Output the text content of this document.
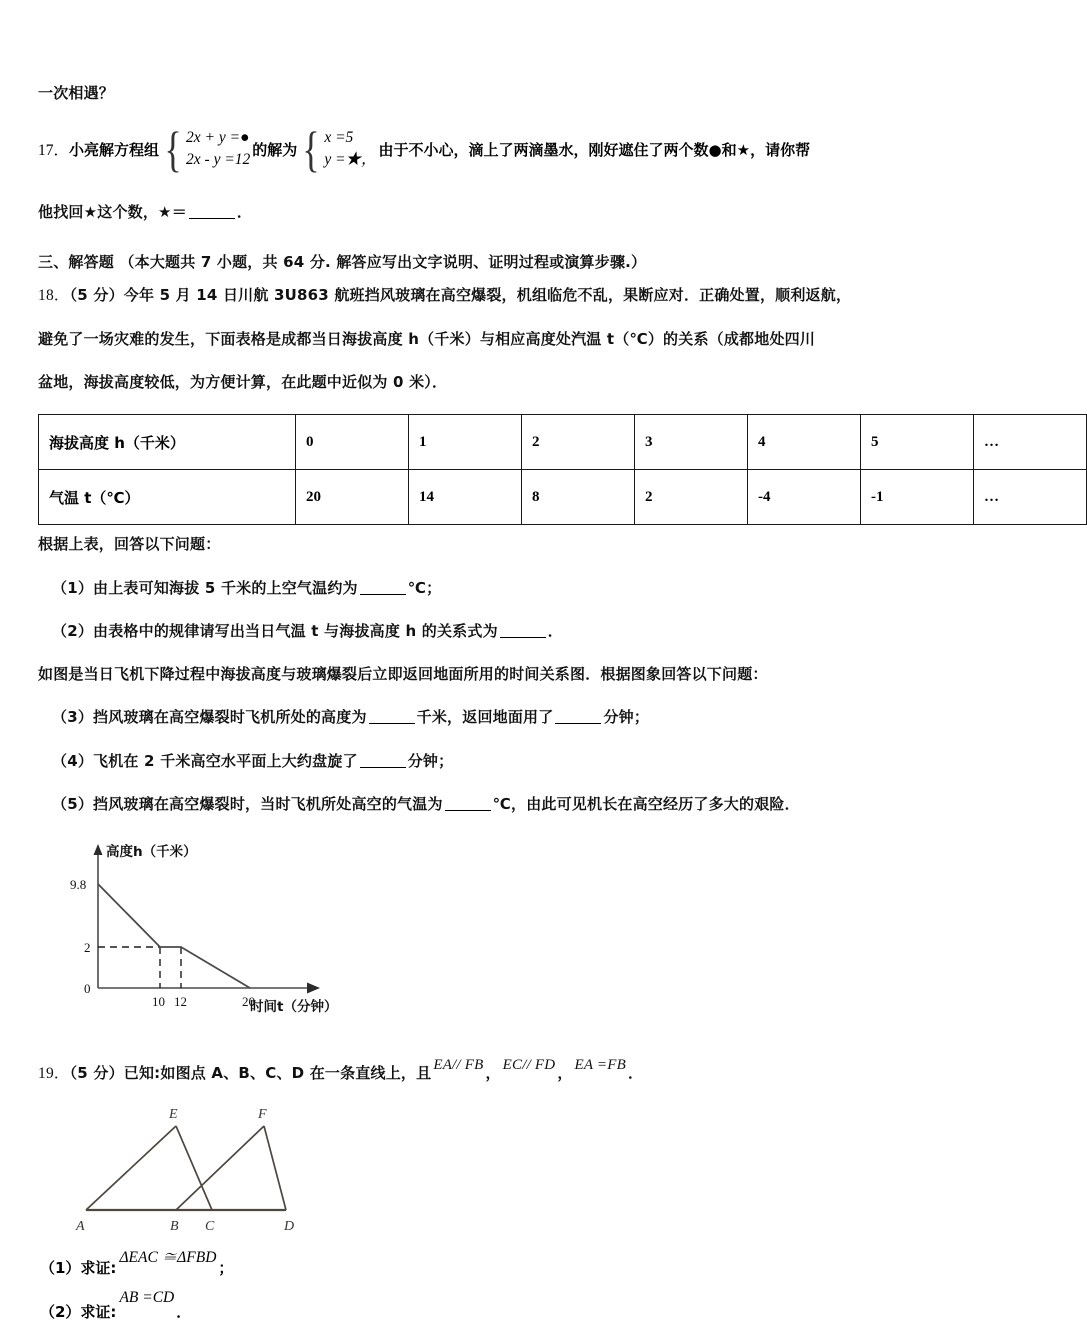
一次相遇？
17． 小亮解方程组 { 2x + y =●
2x - y =12
的解为 { x =5
y =★，
由于不小心，滴上了两滴墨水，刚好遮住了两个数●和★，请你帮
他找回★这个数，★＝	．
三、解答题 （本大题共 7 小题，共 64 分. 解答应写出文字说明、证明过程或演算步骤.）

18．（5 分）今年 5 月 14 日川航 3U863 航班挡风玻璃在高空爆裂，机组临危不乱，果断应对．正确处置，顺利返航，

避免了一场灾难的发生，下面表格是成都当日海拔高度 h（千米）与相应高度处汽温 t（℃）的关系（成都地处四川

盆地，海拔高度较低，为方便计算，在此题中近似为 0 米）．

海拔高度 h（千米）	0	1	2	3	4	5	…
气温 t（℃）	20	14	8	2	-4	-1	…
根据上表，回答以下问题：
（1）由上表可知海拔 5 千米的上空气温约为	℃；
（2）由表格中的规律请写出当日气温 t 与海拔高度 h 的关系式为	．
如图是当日飞机下降过程中海拔高度与玻璃爆裂后立即返回地面所用的时间关系图．根据图象回答以下问题：
（3）挡风玻璃在高空爆裂时飞机所处的高度为	千米，返回地面用了	分钟；
（4）飞机在 2 千米高空水平面上大约盘旋了	分钟；
（5）挡风玻璃在高空爆裂时，当时飞机所处高空的气温为	℃，由此可见机长在高空经历了多大的艰险．
高度h（千米）
时间t（分钟）
9.8
2
0
10 12	20
19．（5 分）已知:如图点 A、B、C、D 在一条直线上，且 EA// FB ， EC// FD ， EA =FB ．
A	B C	D
E	F
（1）求证:
ΔEAC ≅ΔFBD
；
（2）求证:
AB =CD
．
